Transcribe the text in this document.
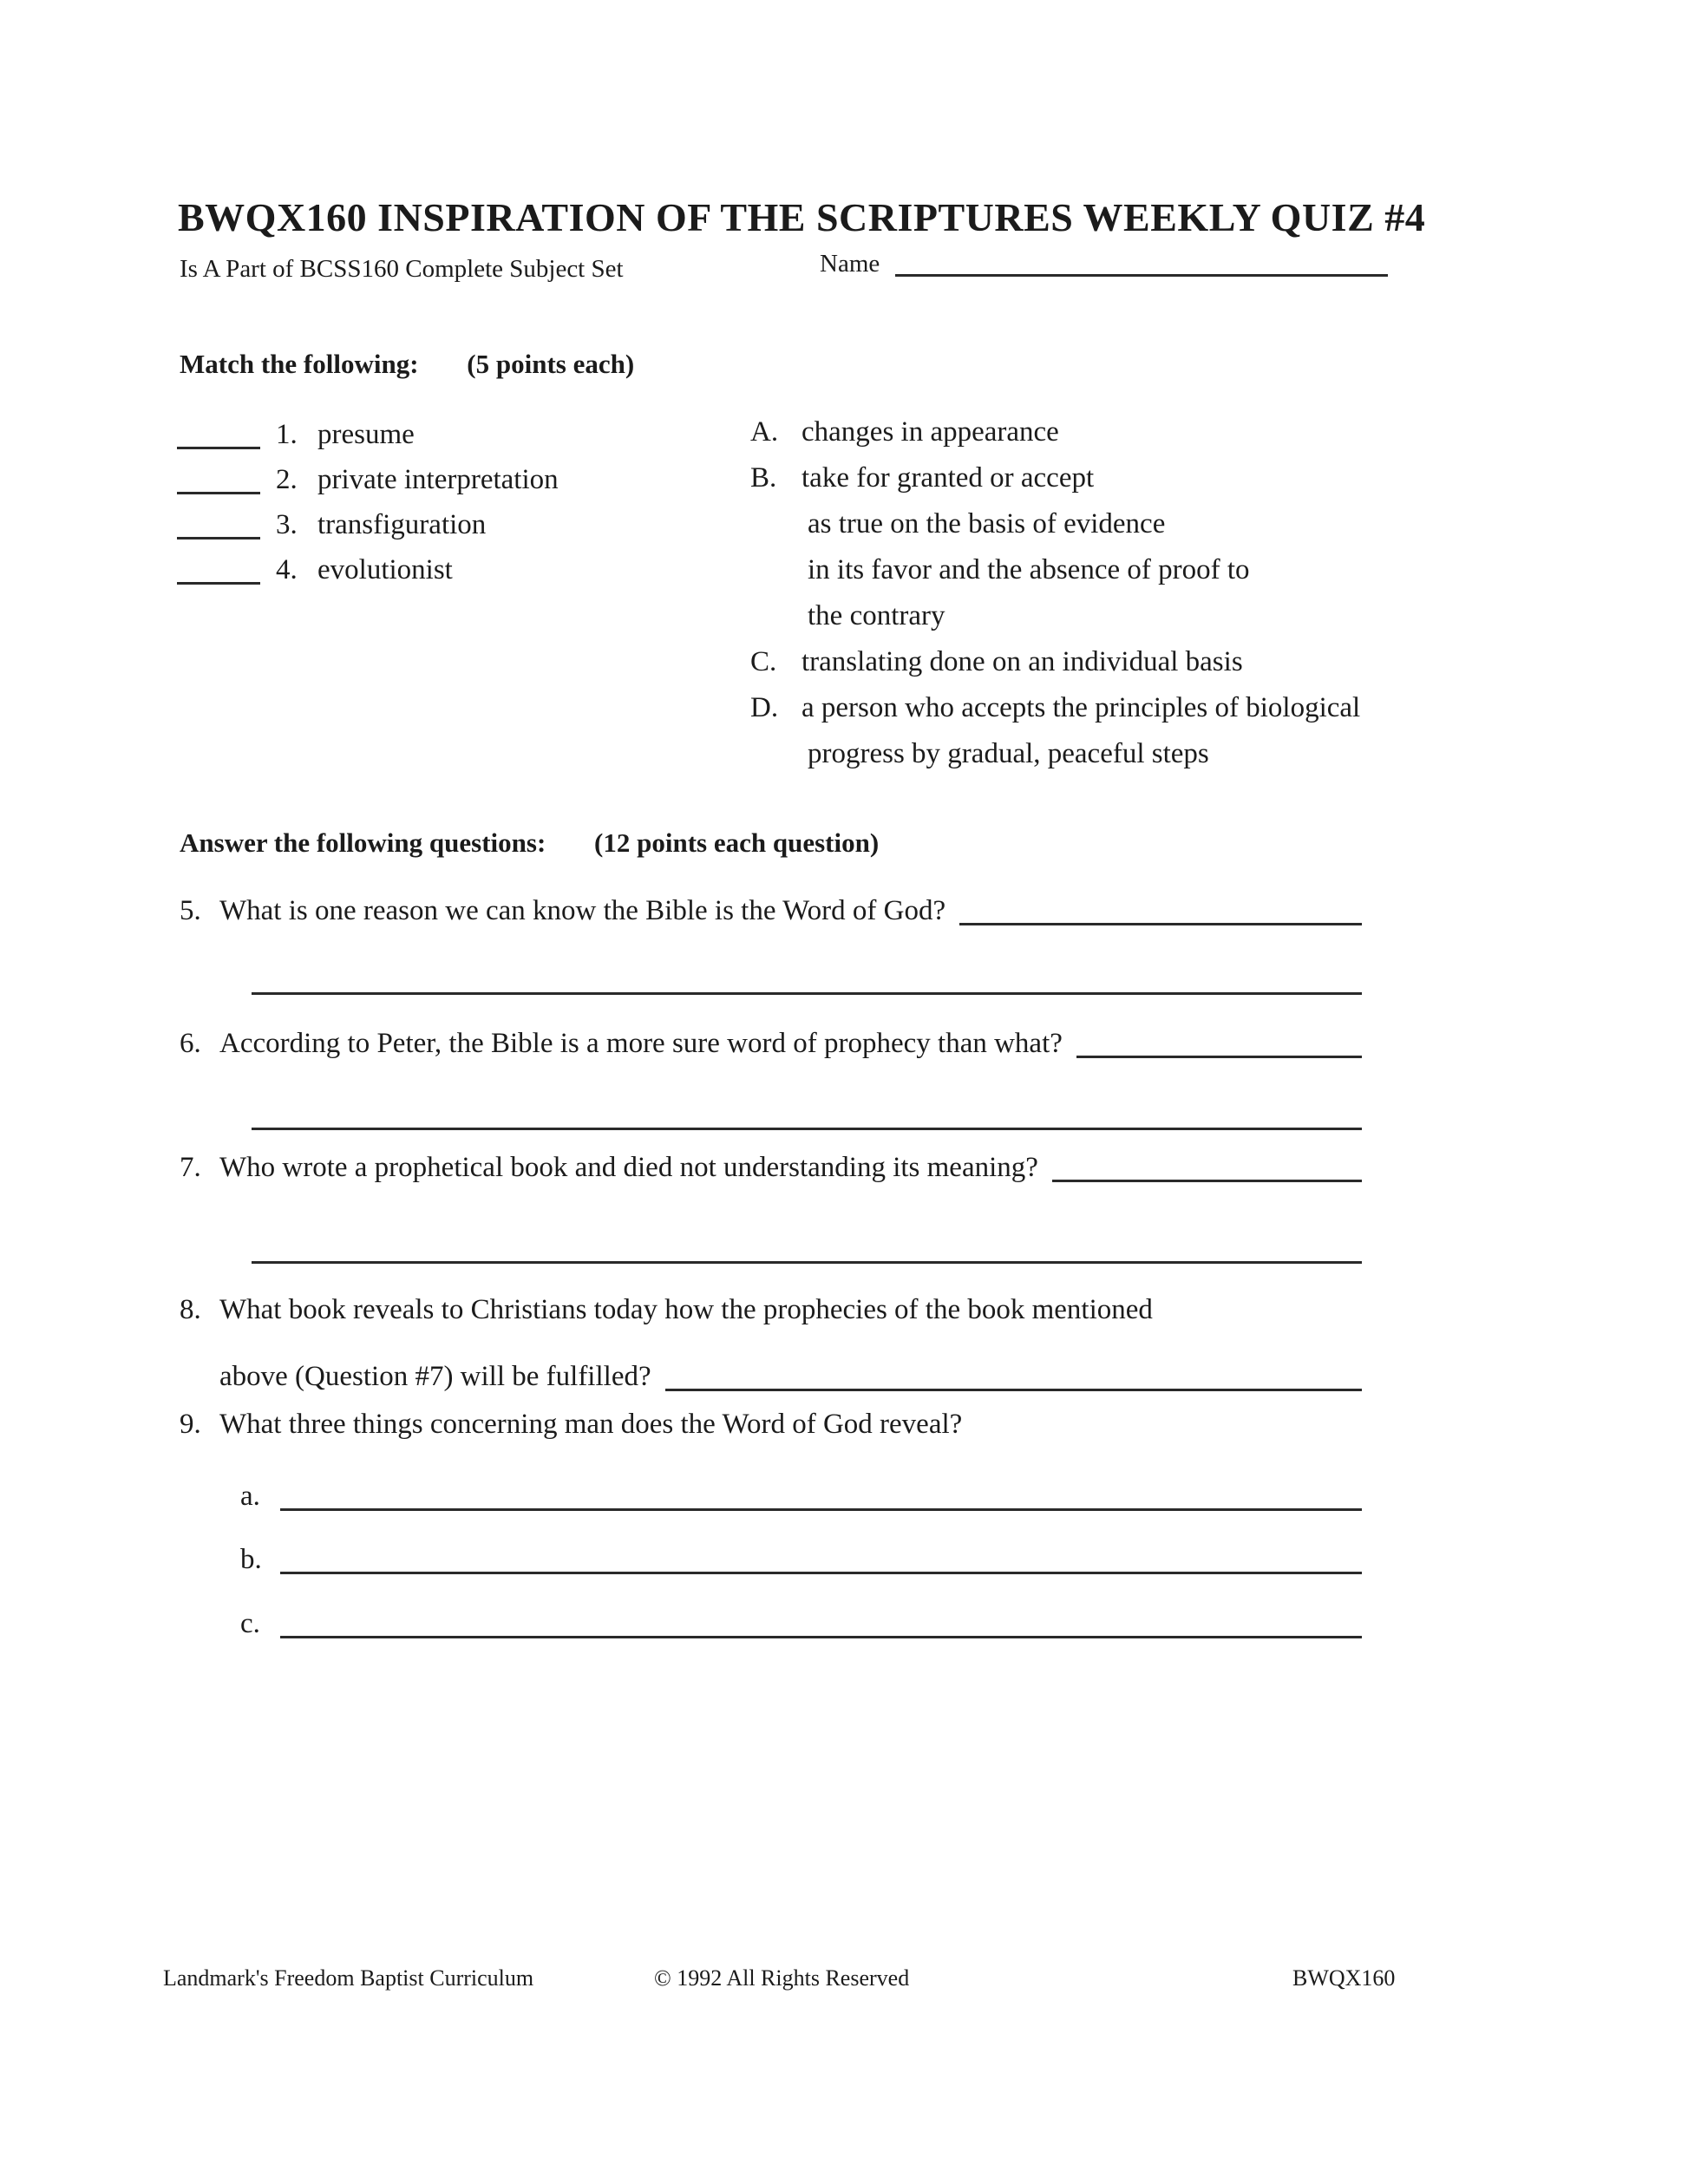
BWQX160 INSPIRATION OF THE SCRIPTURES WEEKLY QUIZ #4
Is A Part of BCSS160 Complete Subject Set	Name
Match the following: (5 points each)
1. presume
2. private interpretation
3. transfiguration
4. evolutionist
A. changes in appearance
B. take for granted or accept
as true on the basis of evidence
in its favor and the absence of proof to
the contrary
C. translating done on an individual basis
D. a person who accepts the principles of biological
progress by gradual, peaceful steps
Answer the following questions: (12 points each question)
5. What is one reason we can know the Bible is the Word of God?
6. According to Peter, the Bible is a more sure word of prophecy than what?
7. Who wrote a prophetical book and died not understanding its meaning?
8. What book reveals to Christians today how the prophecies of the book mentioned
above (Question #7) will be fulfilled?
9. What three things concerning man does the Word of God reveal?
a.
b.
c.
Landmark's Freedom Baptist Curriculum	© 1992 All Rights Reserved	BWQX160
